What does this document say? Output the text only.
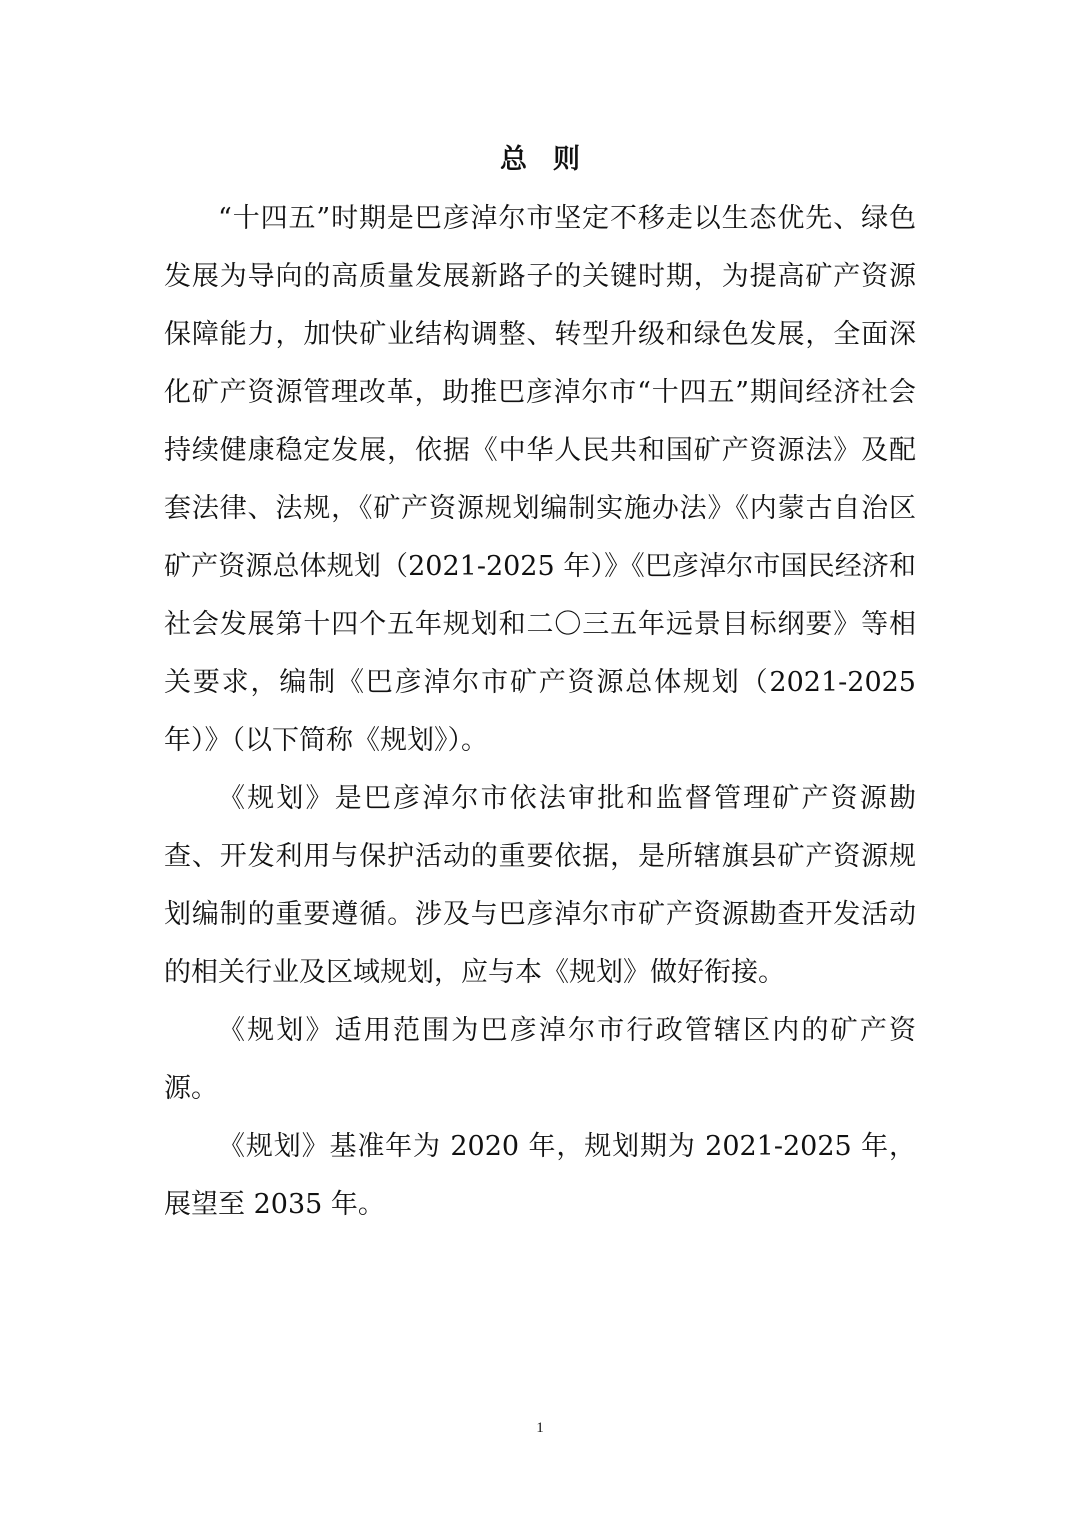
总则

“十四五”时期是巴彦淖尔市坚定不移走以生态优先、绿色发展为导向的高质量发展新路子的关键时期，为提高矿产资源保障能力，加快矿业结构调整、转型升级和绿色发展，全面深化矿产资源管理改革，助推巴彦淖尔市“十四五”期间经济社会持续健康稳定发展，依据《中华人民共和国矿产资源法》及配套法律、法规，《矿产资源规划编制实施办法》《内蒙古自治区矿产资源总体规划（2021-2025 年）》《巴彦淖尔市国民经济和社会发展第十四个五年规划和二〇三五年远景目标纲要》等相关要求，编制《巴彦淖尔市矿产资源总体规划（2021-2025 年）》（以下简称《规划》）。

《规划》是巴彦淖尔市依法审批和监督管理矿产资源勘查、开发利用与保护活动的重要依据，是所辖旗县矿产资源规划编制的重要遵循。涉及与巴彦淖尔市矿产资源勘查开发活动的相关行业及区域规划，应与本《规划》做好衔接。

《规划》适用范围为巴彦淖尔市行政管辖区内的矿产资源。

《规划》基准年为 2020 年，规划期为 2021-2025 年，展望至 2035 年。

1
